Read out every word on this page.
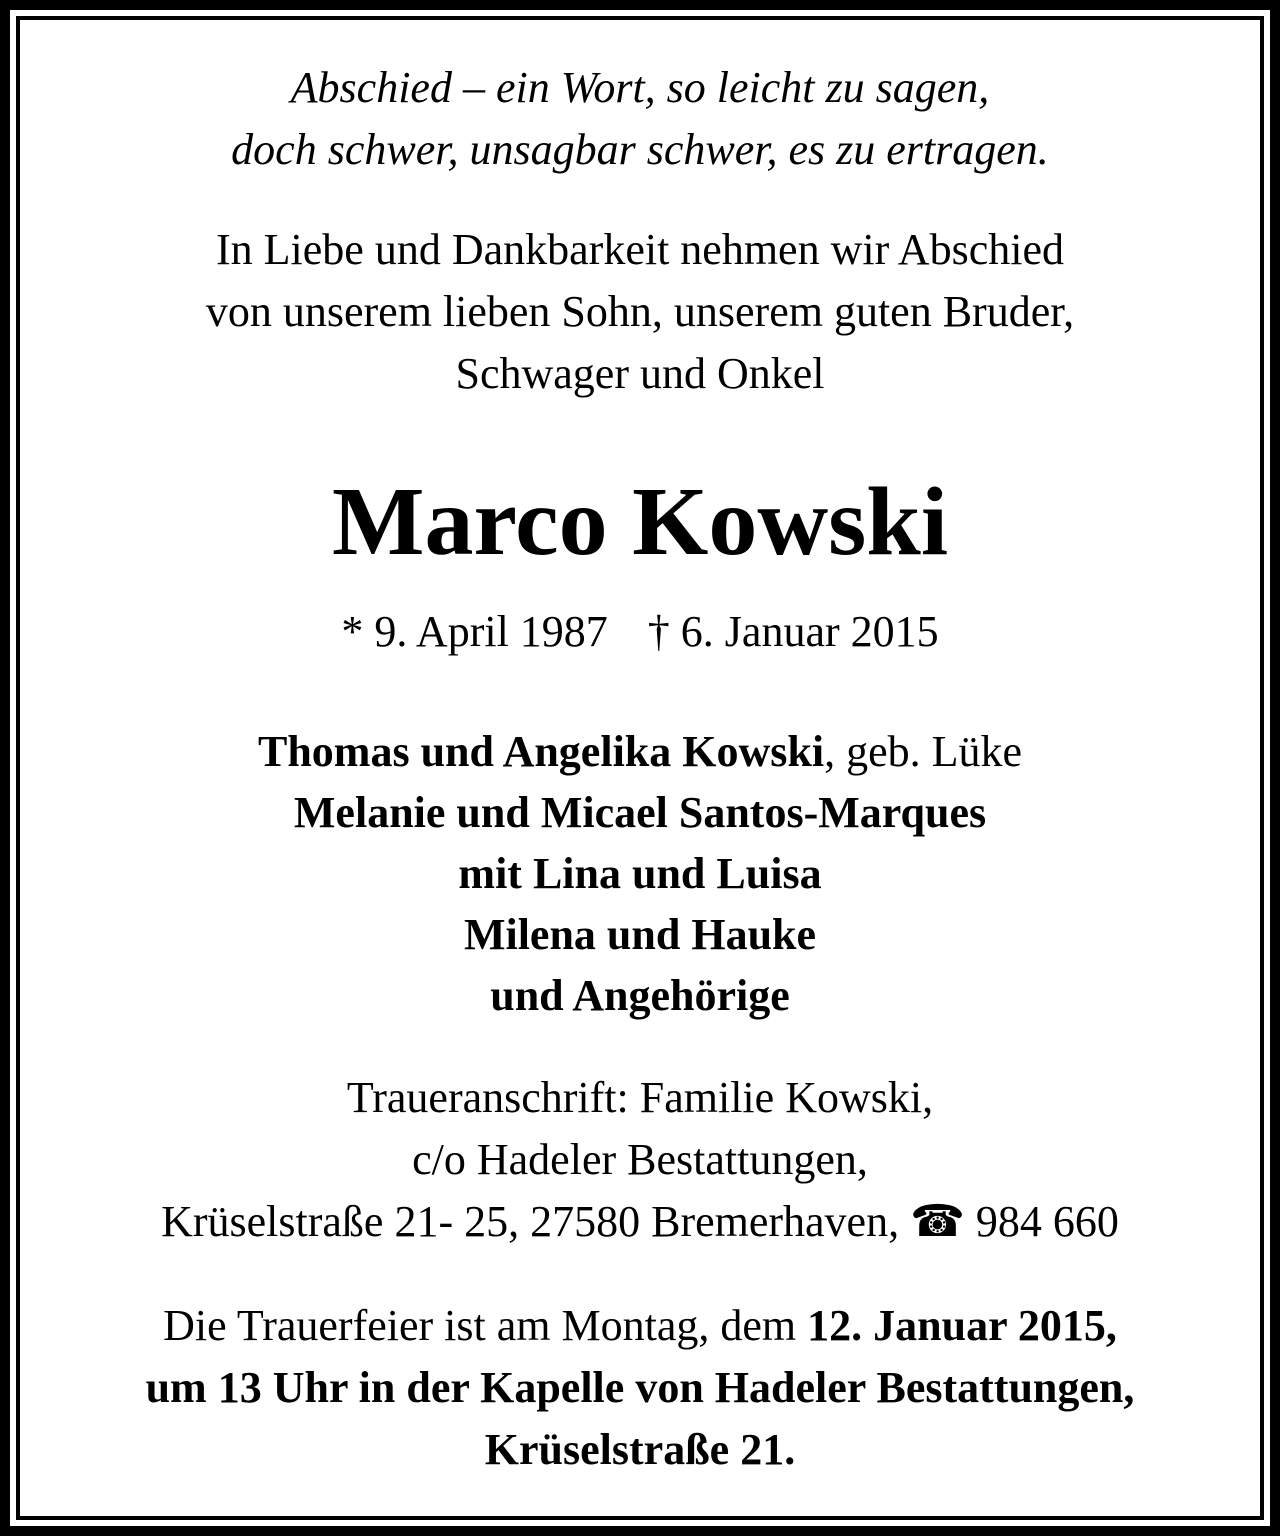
Abschied – ein Wort, so leicht zu sagen,
doch schwer, unsagbar schwer, es zu ertragen.
In Liebe und Dankbarkeit nehmen wir Abschied
von unserem lieben Sohn, unserem guten Bruder,
Schwager und Onkel
Marco Kowski
* 9. April 1987 † 6. Januar 2015
Thomas und Angelika Kowski, geb. Lüke
Melanie und Micael Santos-Marques
mit Lina und Luisa
Milena und Hauke
und Angehörige
Traueranschrift: Familie Kowski,
c/o Hadeler Bestattungen,
Krüselstraße 21- 25, 27580 Bremerhaven, ☎ 984 660
Die Trauerfeier ist am Montag, dem 12. Januar 2015,
um 13 Uhr in der Kapelle von Hadeler Bestattungen,
Krüselstraße 21.
